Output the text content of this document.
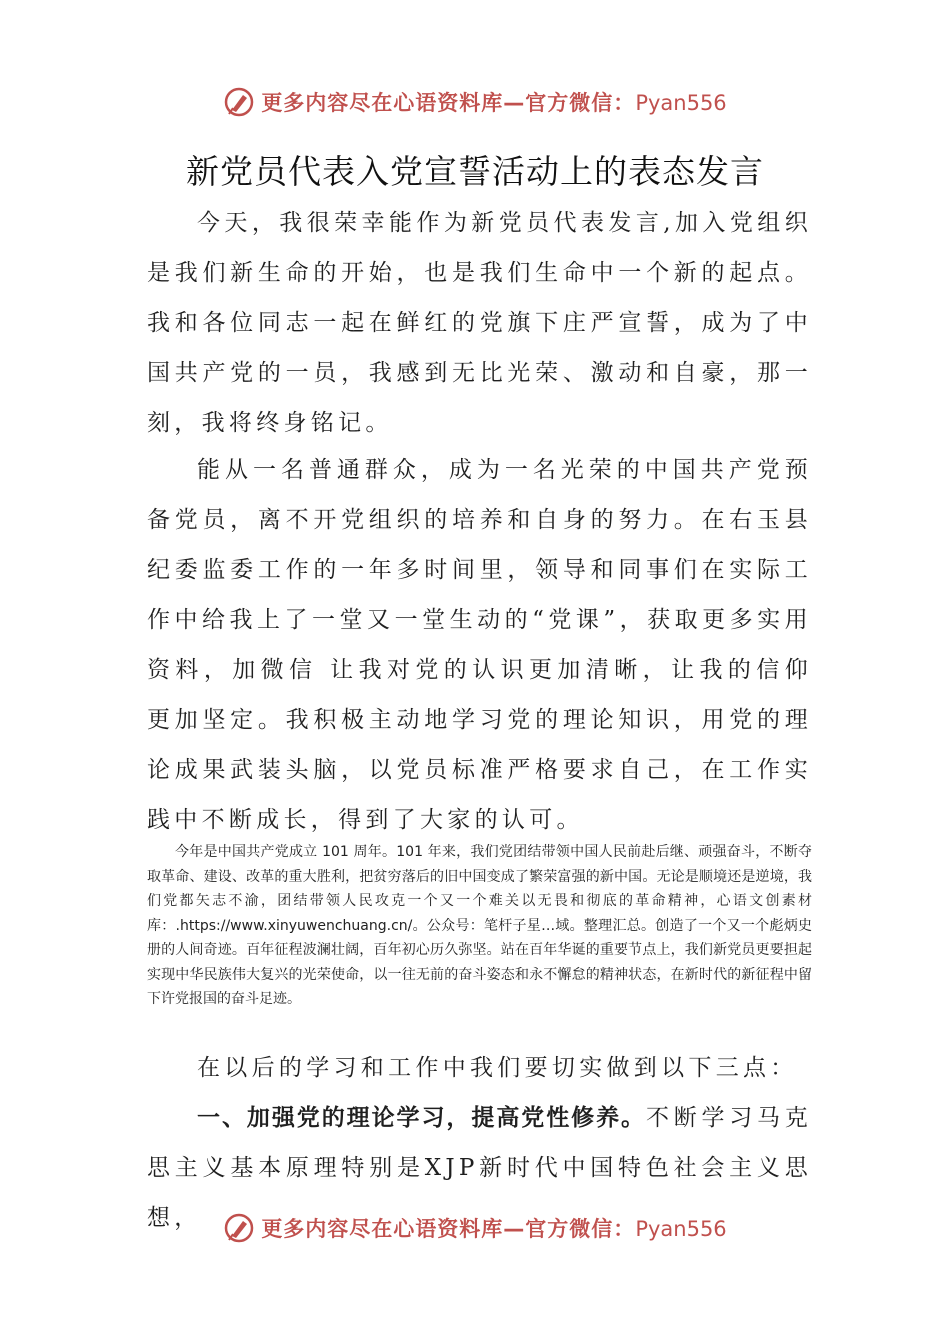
更多内容尽在心语资料库—官方微信：Pyan556
新党员代表入党宣誓活动上的表态发言

今天，我很荣幸能作为新党员代表发言,加入党组织是我们新生命的开始，也是我们生命中一个新的起点。我和各位同志一起在鲜红的党旗下庄严宣誓，成为了中国共产党的一员，我感到无比光荣、激动和自豪，那一刻，我将终身铭记。

能从一名普通群众，成为一名光荣的中国共产党预备党员，离不开党组织的培养和自身的努力。在右玉县纪委监委工作的一年多时间里，领导和同事们在实际工作中给我上了一堂又一堂生动的“党课”，获取更多实用资料，加微信 让我对党的认识更加清晰，让我的信仰更加坚定。我积极主动地学习党的理论知识，用党的理论成果武装头脑，以党员标准严格要求自己，在工作实践中不断成长，得到了大家的认可。

今年是中国共产党成立 101 周年。101 年来，我们党团结带领中国人民前赴后继、顽强奋斗，不断夺取革命、建设、改革的重大胜利，把贫穷落后的旧中国变成了繁荣富强的新中国。无论是顺境还是逆境，我们党都矢志不渝，团结带领人民攻克一个又一个难关以无畏和彻底的革命精神，心语文创素材库：.https://www.xinyuwenchuang.cn/。公众号：笔杆子星…域。整理汇总。创造了一个又一个彪炳史册的人间奇迹。百年征程波澜壮阔，百年初心历久弥坚。站在百年华诞的重要节点上，我们新党员更要担起实现中华民族伟大复兴的光荣使命，以一往无前的奋斗姿态和永不懈怠的精神状态，在新时代的新征程中留下许党报国的奋斗足迹。

在以后的学习和工作中我们要切实做到以下三点：

一、加强党的理论学习，提高党性修养。不断学习马克思主义基本原理特别是XJP新时代中国特色社会主义思想，	更多内容尽在心语资料库—官方微信：Pyan556
